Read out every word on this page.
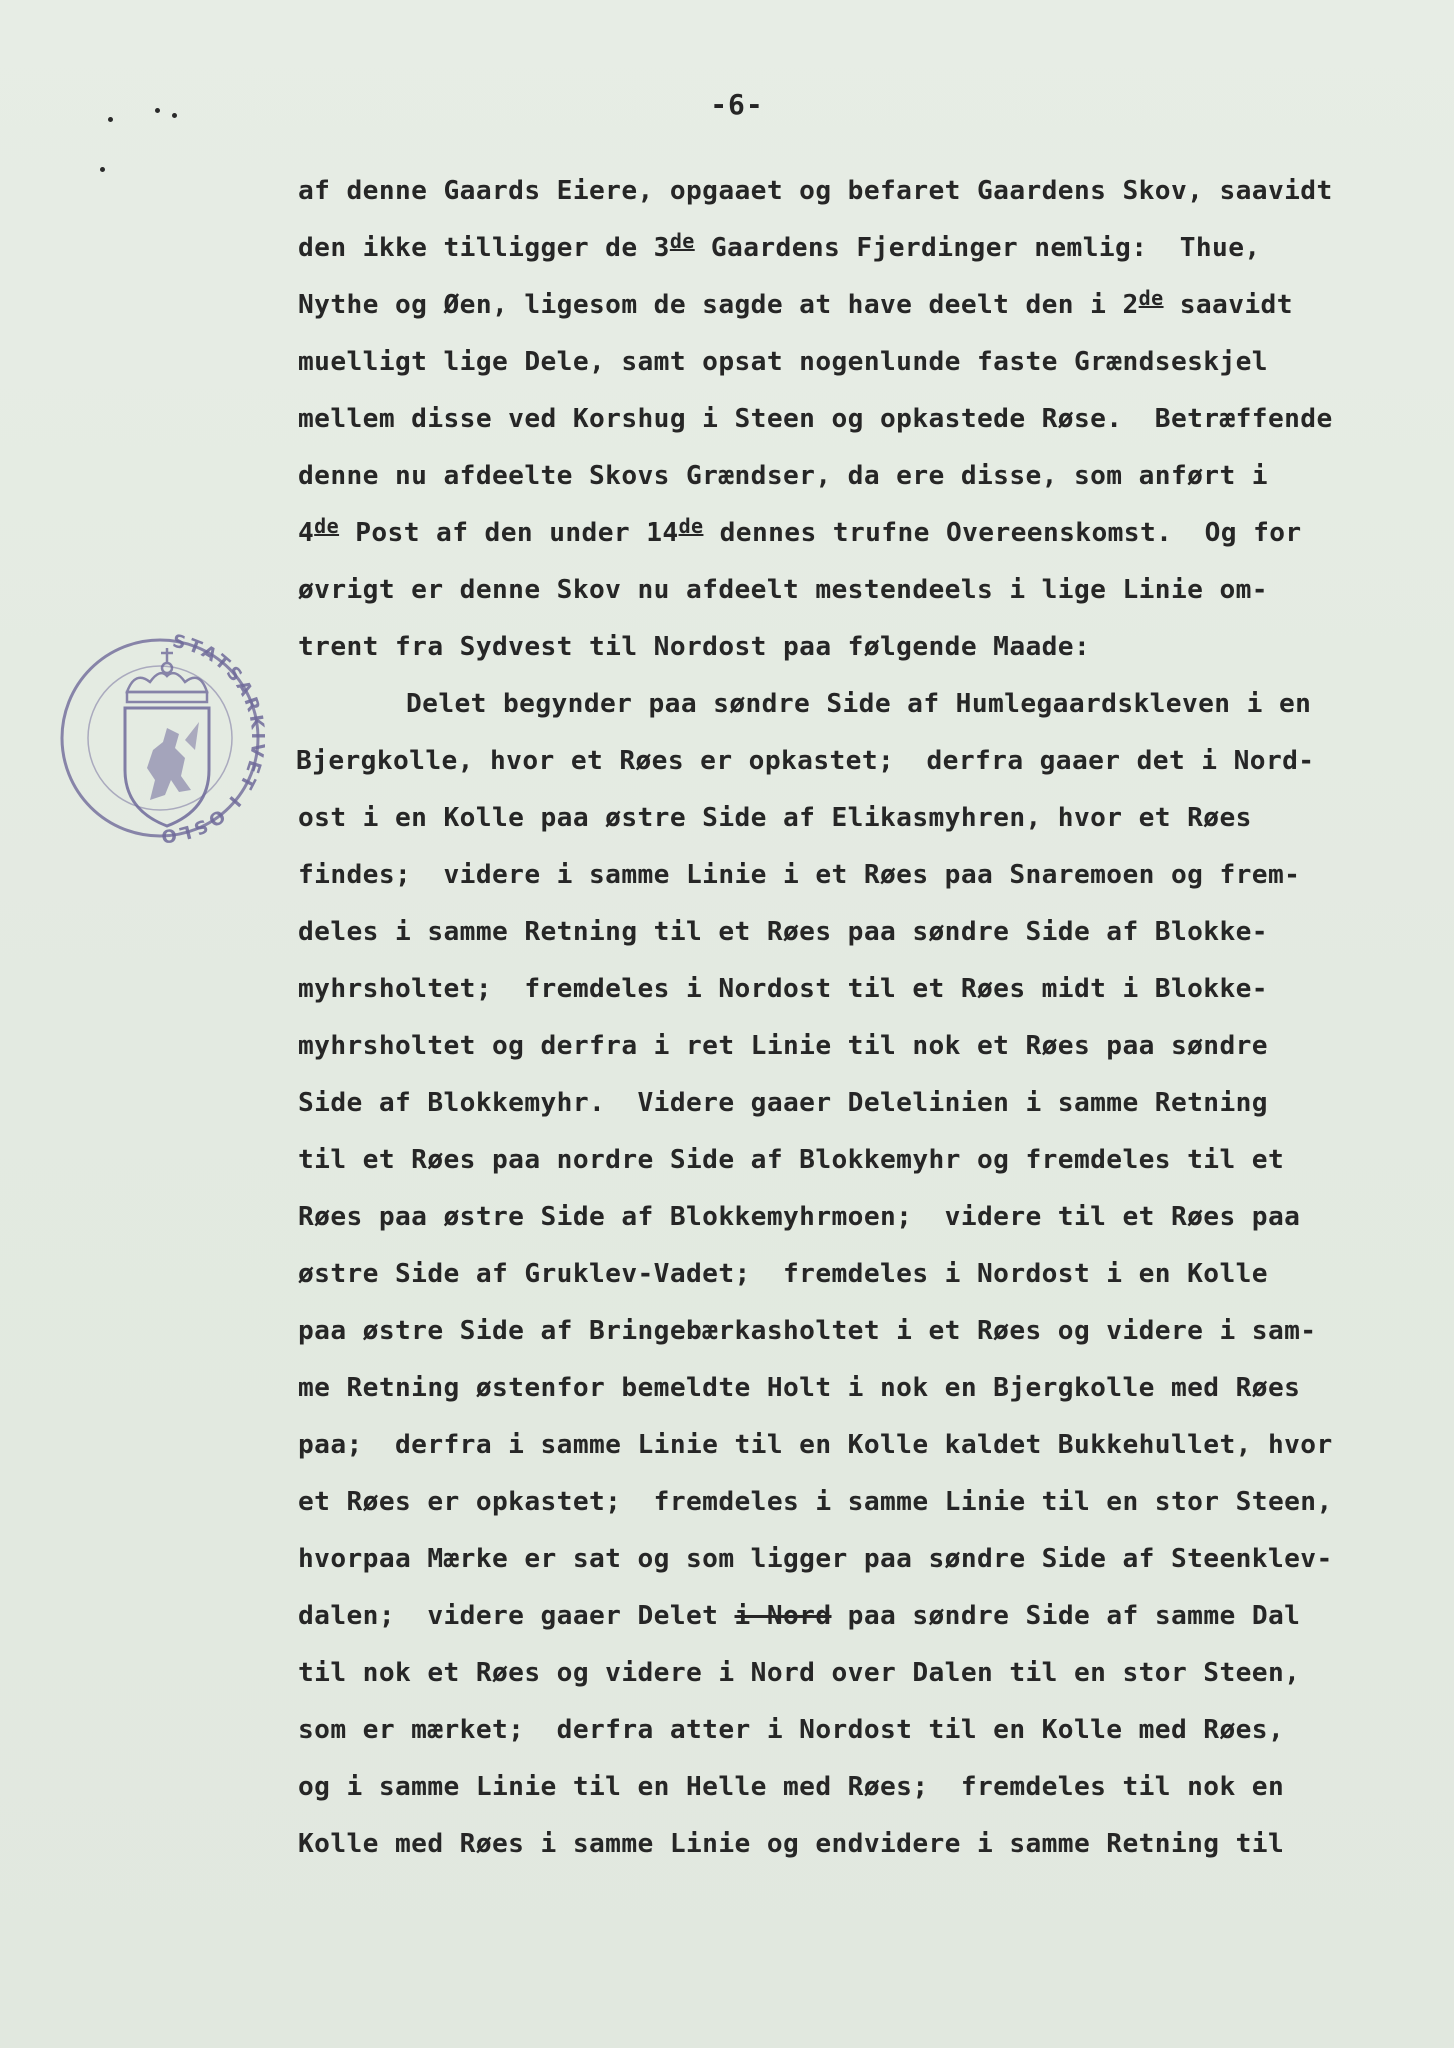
-6-
STATSAR ET I OSLO
af denne Gaards Eiere, opgaaet og befaret Gaardens Skov, saavidt
den ikke tilligger de 3de Gaardens Fjerdinger nemlig:  Thue,
Nythe og Øen, ligesom de sagde at have deelt den i 2de saavidt
muelligt lige Dele, samt opsat nogenlunde faste Grændseskjel
mellem disse ved Korshug i Steen og opkastede Røse.  Betræffende
denne nu afdeelte Skovs Grændser, da ere disse, som anført i
4de Post af den under 14de dennes trufne Overeenskomst.  Og for
øvrigt er denne Skov nu afdeelt mestendeels i lige Linie om-
trent fra Sydvest til Nordost paa følgende Maade:
Delet begynder paa søndre Side af Humlegaardskleven i en
Bjergkolle, hvor et Røes er opkastet;  derfra gaaer det i Nord-
ost i en Kolle paa østre Side af Elikasmyhren, hvor et Røes
findes;  videre i samme Linie i et Røes paa Snaremoen og frem-
deles i samme Retning til et Røes paa søndre Side af Blokke-
myhrsholtet;  fremdeles i Nordost til et Røes midt i Blokke-
myhrsholtet og derfra i ret Linie til nok et Røes paa søndre
Side af Blokkemyhr.  Videre gaaer Delelinien i samme Retning
til et Røes paa nordre Side af Blokkemyhr og fremdeles til et
Røes paa østre Side af Blokkemyhrmoen;  videre til et Røes paa
østre Side af Gruklev-Vadet;  fremdeles i Nordost i en Kolle
paa østre Side af Bringebærkasholtet i et Røes og videre i sam-
me Retning østenfor bemeldte Holt i nok en Bjergkolle med Røes
paa;  derfra i samme Linie til en Kolle kaldet Bukkehullet, hvor
et Røes er opkastet;  fremdeles i samme Linie til en stor Steen,
hvorpaa Mærke er sat og som ligger paa søndre Side af Steenklev-
dalen;  videre gaaer Delet i Nord paa søndre Side af samme Dal
til nok et Røes og videre i Nord over Dalen til en stor Steen,
som er mærket;  derfra atter i Nordost til en Kolle med Røes,
og i samme Linie til en Helle med Røes;  fremdeles til nok en
Kolle med Røes i samme Linie og endvidere i samme Retning til
